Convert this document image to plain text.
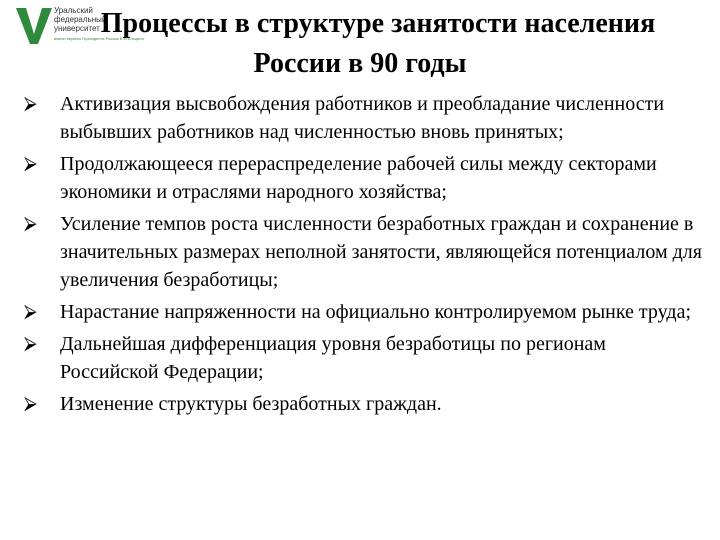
Уральский
федеральный
университет
имени первого Президента России Б.Н.Ельцина
Процессы в структуре занятости населения
России в 90 годы
⮚	Активизация высвобождения работников и преобладание численности выбывших работников над численностью вновь принятых;
⮚	Продолжающееся перераспределение рабочей силы между секторами экономики и отраслями народного хозяйства;
⮚	Усиление темпов роста численности безработных граждан и сохранение в значительных размерах неполной занятости, являющейся потенциалом для увеличения безработицы;
⮚	Нарастание напряженности на официально контролируемом рынке труда;
⮚	Дальнейшая дифференциация уровня безработицы по регионам Российской Федерации;
⮚	Изменение структуры безработных граждан.
